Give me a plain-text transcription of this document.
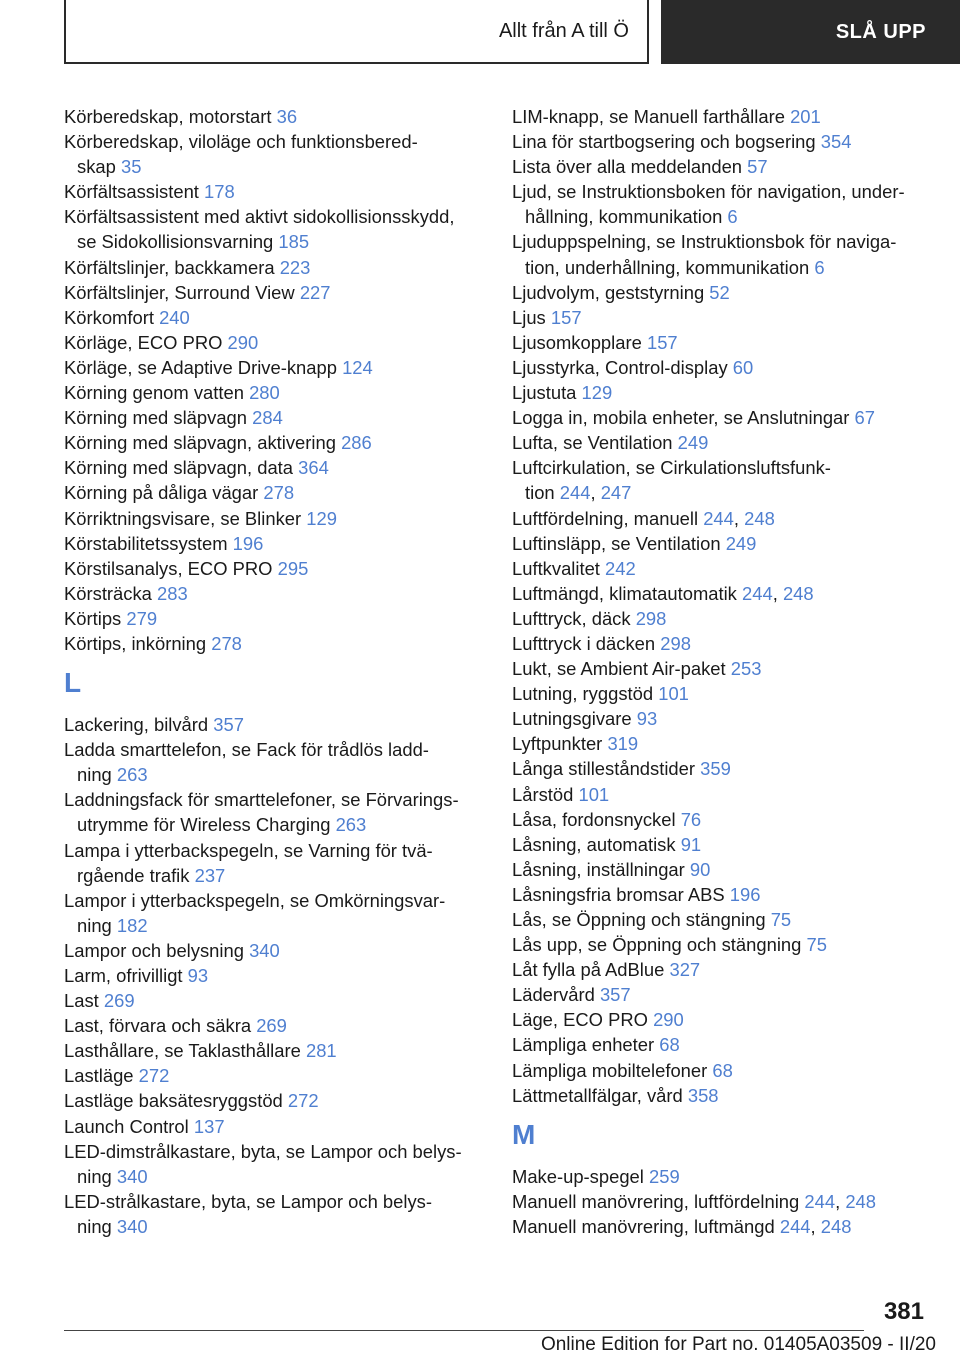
Allt från A till Ö	SLÅ UPP
Körberedskap, motorstart 36
Körberedskap, viloläge och funktionsbered-
skap 35
Körfältsassistent 178
Körfältsassistent med aktivt sidokollisionsskydd,
se Sidokollisionsvarning 185
Körfältslinjer, backkamera 223
Körfältslinjer, Surround View 227
Körkomfort 240
Körläge, ECO PRO 290
Körläge, se Adaptive Drive-knapp 124
Körning genom vatten 280
Körning med släpvagn 284
Körning med släpvagn, aktivering 286
Körning med släpvagn, data 364
Körning på dåliga vägar 278
Körriktningsvisare, se Blinker 129
Körstabilitetssystem 196
Körstilsanalys, ECO PRO 295
Körsträcka 283
Körtips 279
Körtips, inkörning 278
L
Lackering, bilvård 357
Ladda smarttelefon, se Fack för trådlös ladd-
ning 263
Laddningsfack för smarttelefoner, se Förvarings-
utrymme för Wireless Charging 263
Lampa i ytterbackspegeln, se Varning för tvä-
rgående trafik 237
Lampor i ytterbackspegeln, se Omkörningsvar-
ning 182
Lampor och belysning 340
Larm, ofrivilligt 93
Last 269
Last, förvara och säkra 269
Lasthållare, se Taklasthållare 281
Lastläge 272
Lastläge baksätesryggstöd 272
Launch Control 137
LED-dimstrålkastare, byta, se Lampor och belys-
ning 340
LED-strålkastare, byta, se Lampor och belys-
ning 340
LIM-knapp, se Manuell farthållare 201
Lina för startbogsering och bogsering 354
Lista över alla meddelanden 57
Ljud, se Instruktionsboken för navigation, under-
hållning, kommunikation 6
Ljuduppspelning, se Instruktionsbok för naviga-
tion, underhållning, kommunikation 6
Ljudvolym, geststyrning 52
Ljus 157
Ljusomkopplare 157
Ljusstyrka, Control-display 60
Ljustuta 129
Logga in, mobila enheter, se Anslutningar 67
Lufta, se Ventilation 249
Luftcirkulation, se Cirkulationsluftsfunk-
tion 244, 247
Luftfördelning, manuell 244, 248
Luftinsläpp, se Ventilation 249
Luftkvalitet 242
Luftmängd, klimatautomatik 244, 248
Lufttryck, däck 298
Lufttryck i däcken 298
Lukt, se Ambient Air-paket 253
Lutning, ryggstöd 101
Lutningsgivare 93
Lyftpunkter 319
Långa stilleståndstider 359
Lårstöd 101
Låsa, fordonsnyckel 76
Låsning, automatisk 91
Låsning, inställningar 90
Låsningsfria bromsar ABS 196
Lås, se Öppning och stängning 75
Lås upp, se Öppning och stängning 75
Låt fylla på AdBlue 327
Lädervård 357
Läge, ECO PRO 290
Lämpliga enheter 68
Lämpliga mobiltelefoner 68
Lättmetallfälgar, vård 358
M
Make-up-spegel 259
Manuell manövrering, luftfördelning 244, 248
Manuell manövrering, luftmängd 244, 248
381
Online Edition for Part no. 01405A03509 - II/20
